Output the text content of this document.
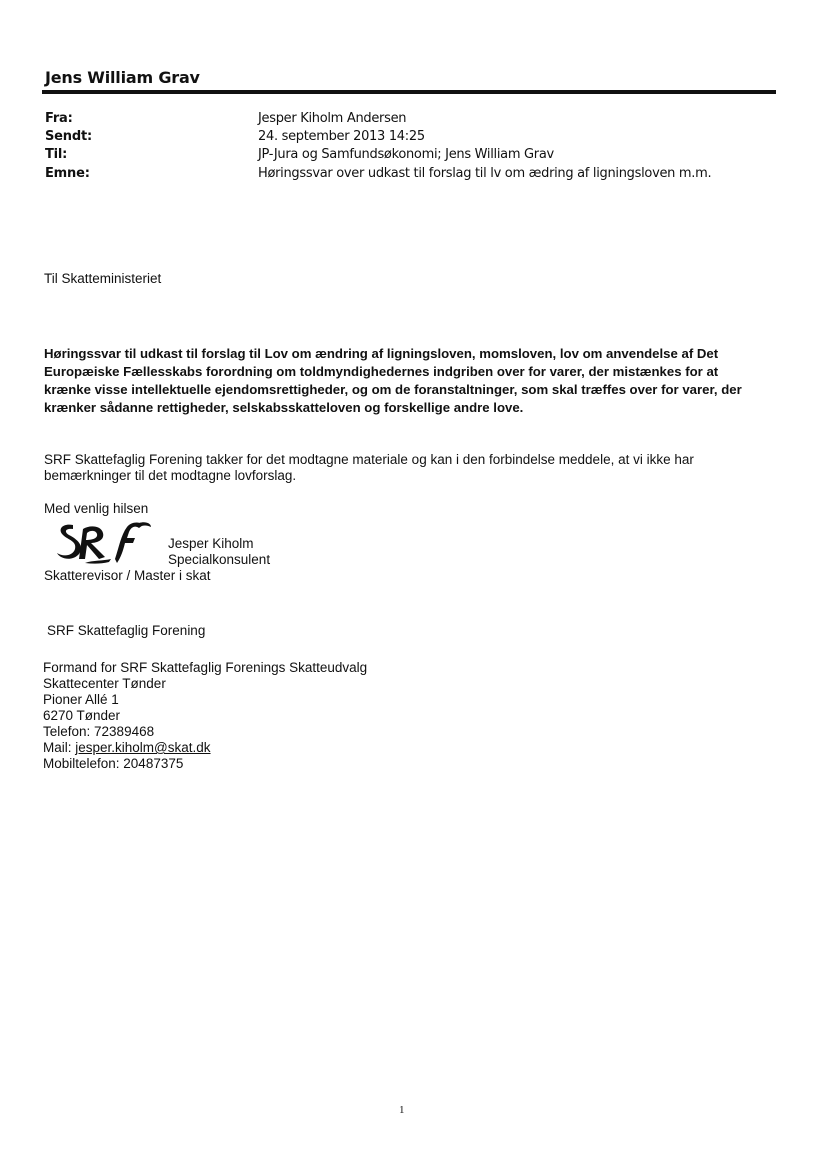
Jens William Grav
Fra:	Jesper Kiholm Andersen
Sendt:	24. september 2013 14:25
Til:	JP-Jura og Samfundsøkonomi; Jens William Grav
Emne:	Høringssvar over udkast til forslag til lv om ædring af ligningsloven m.m.
Til Skatteministeriet
Høringssvar til udkast til forslag til Lov om ændring af ligningsloven, momsloven, lov om anvendelse af Det Europæiske Fællesskabs forordning om toldmyndighedernes indgriben over for varer, der mistænkes for at krænke visse intellektuelle ejendomsrettigheder, og om de foranstaltninger, som skal træffes over for varer, der krænker sådanne rettigheder, selskabsskatteloven og forskellige andre love.
SRF Skattefaglig Forening takker for det modtagne materiale og kan i den forbindelse meddele, at vi ikke har bemærkninger til det modtagne lovforslag.
Med venlig hilsen
Jesper Kiholm
Specialkonsulent
Skatterevisor / Master i skat
SRF Skattefaglig Forening
Formand for SRF Skattefaglig Forenings Skatteudvalg
Skattecenter Tønder
Pioner Allé 1
6270 Tønder
Telefon: 72389468
Mail: jesper.kiholm@skat.dk
Mobiltelefon: 20487375
1
